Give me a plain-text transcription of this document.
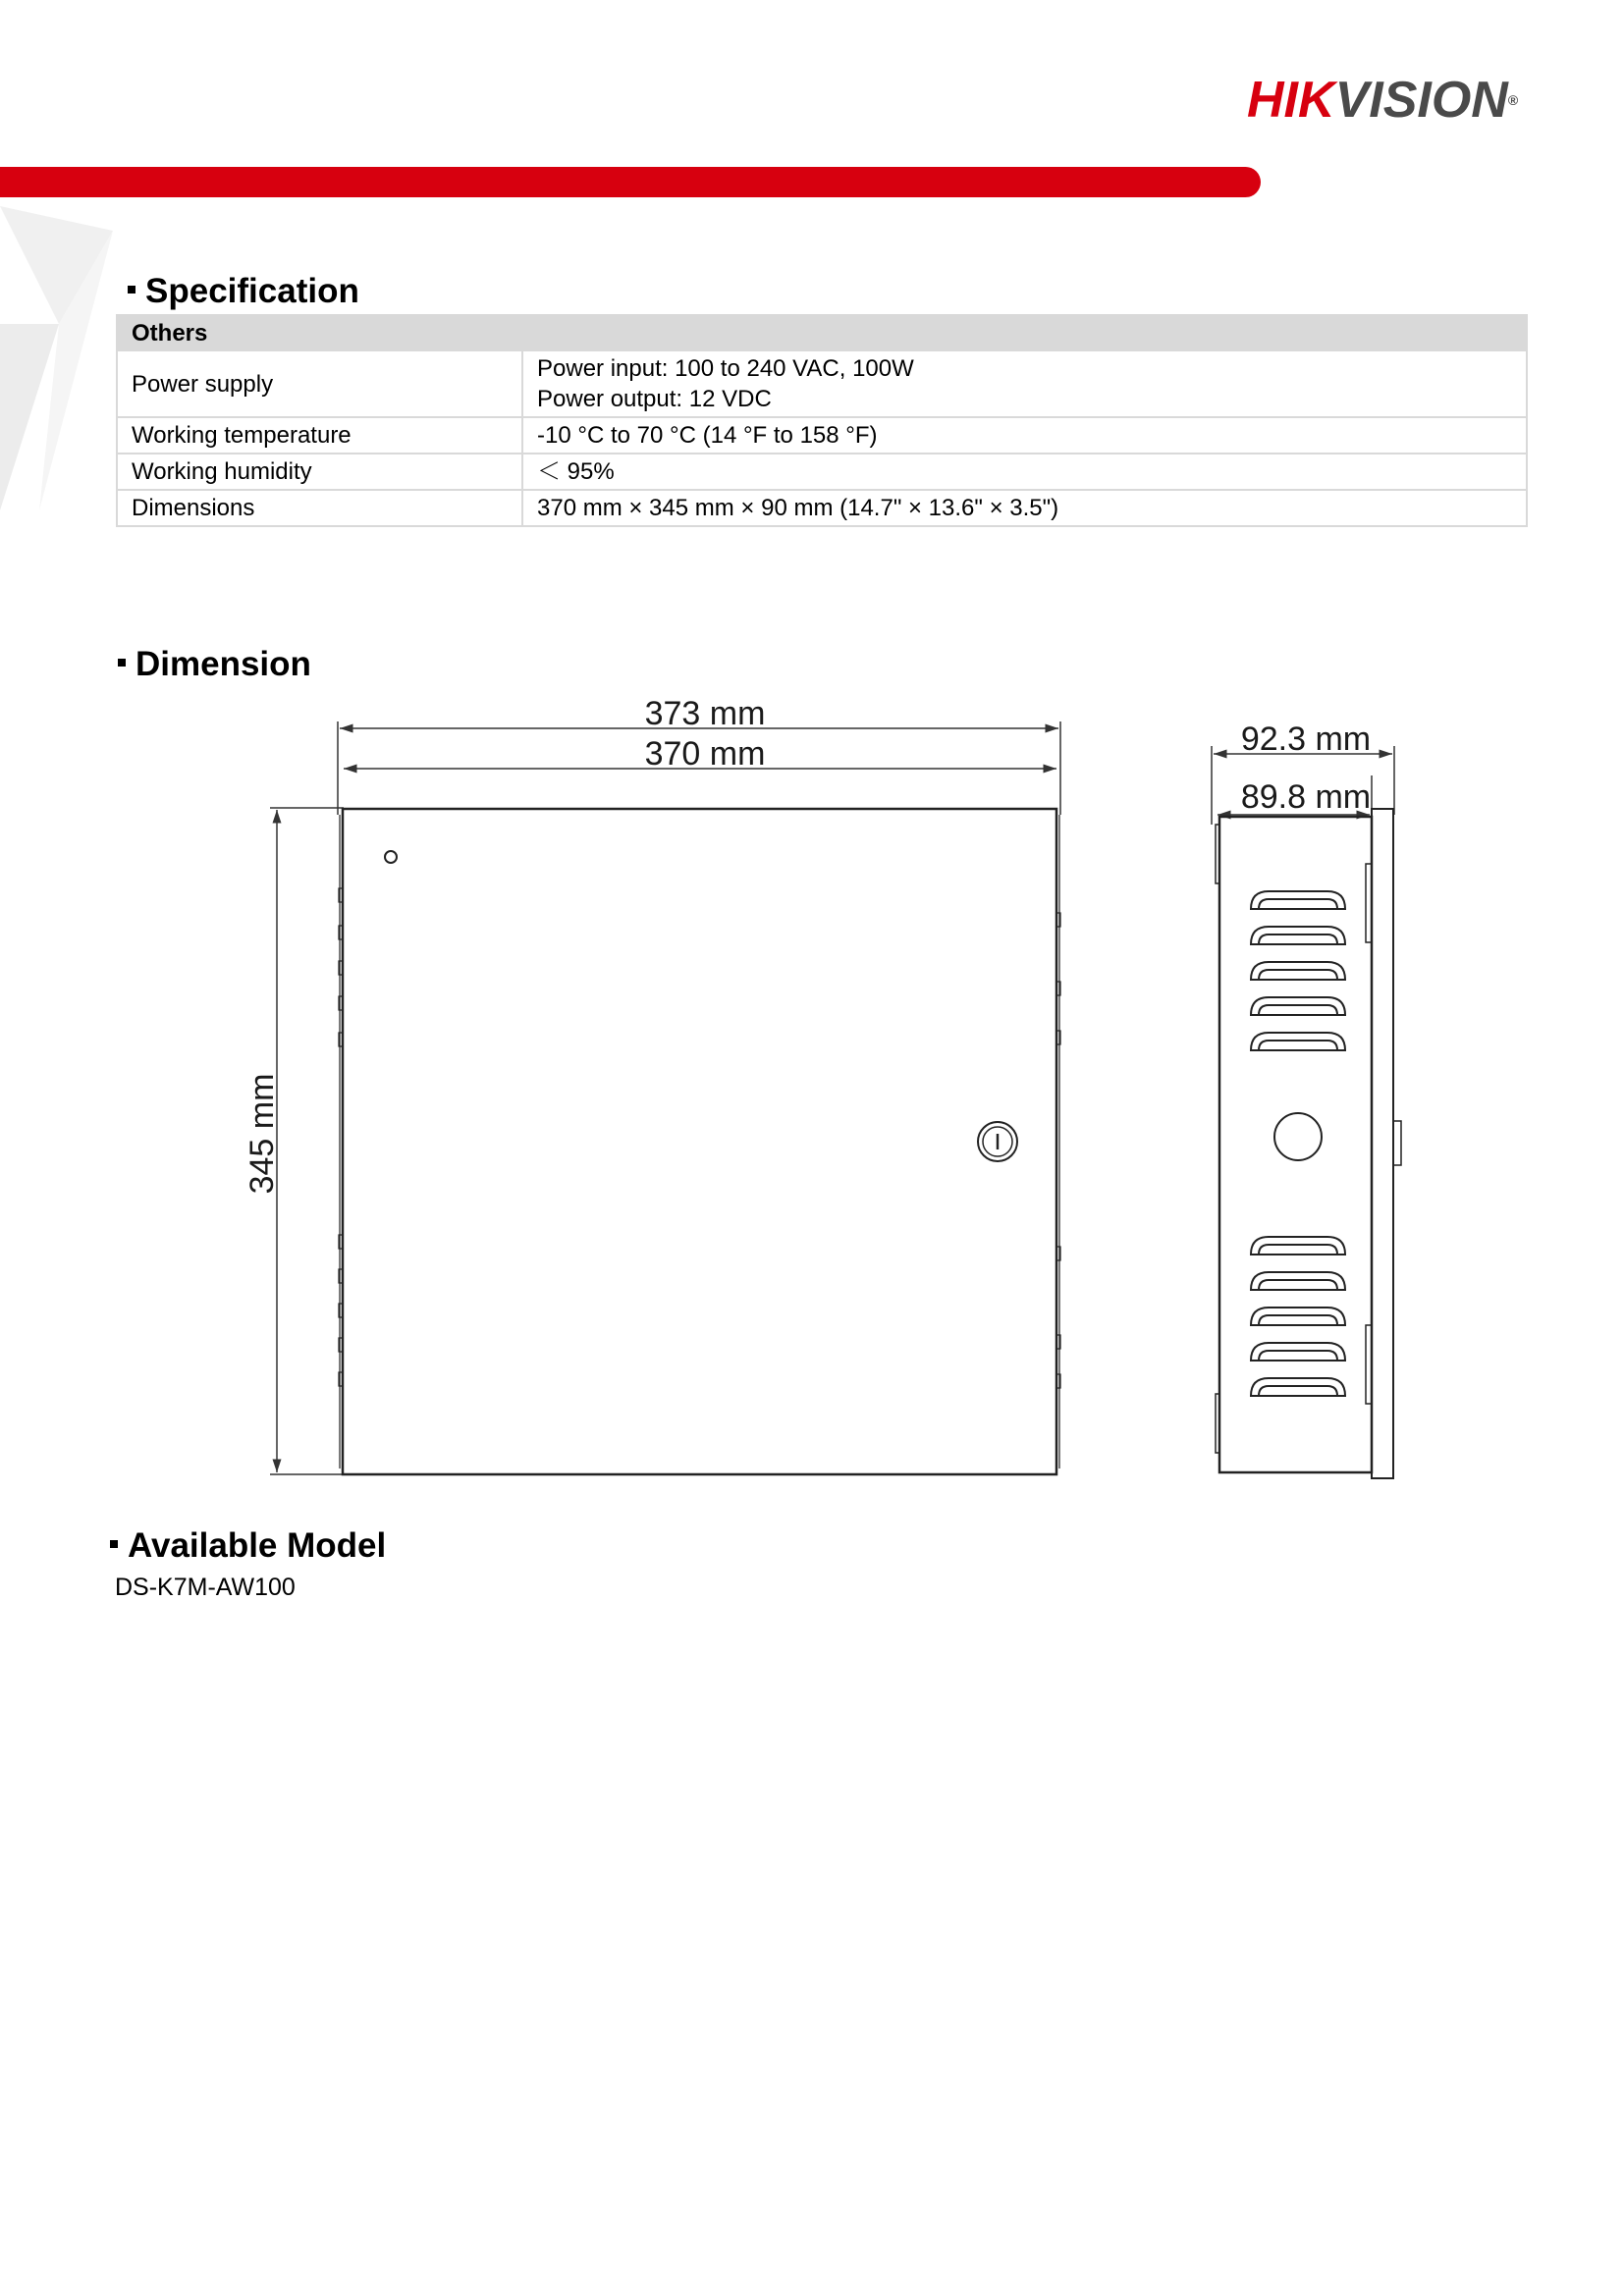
HIKVISION®
Specification
Others	
Power supply	Power input: 100 to 240 VAC, 100W
Power output: 12 VDC

Working temperature	-10 °C to 70 °C (14 °F to 158 °F)
Working humidity	＜ 95%
Dimensions	370 mm × 345 mm × 90 mm (14.7" × 13.6" × 3.5")
Dimension
373 mm
370 mm
345 mm
92.3 mm
89.8 mm
Available Model
DS-K7M-AW100
